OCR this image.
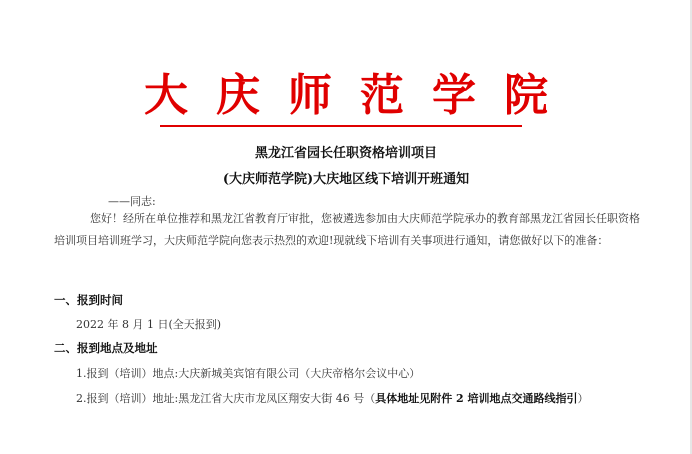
大庆师范学院
黑龙江省园长任职资格培训项目
(大庆师范学院)大庆地区线下培训开班通知
——同志:
您好！经所在单位推荐和黑龙江省教育厅审批，您被遴选参加由大庆师范学院承办的教育部黑龙江省园长任职资格培训项目培训班学习，大庆师范学院向您表示热烈的欢迎!现就线下培训有关事项进行通知，请您做好以下的准备：
一、报到时间
2022 年 8 月 1 日(全天报到)
二、报到地点及地址
1.报到（培训）地点:大庆新城美宾馆有限公司（大庆帝格尔会议中心）
2.报到（培训）地址:黑龙江省大庆市龙凤区翔安大街 46 号（具体地址见附件 2 培训地点交通路线指引）
